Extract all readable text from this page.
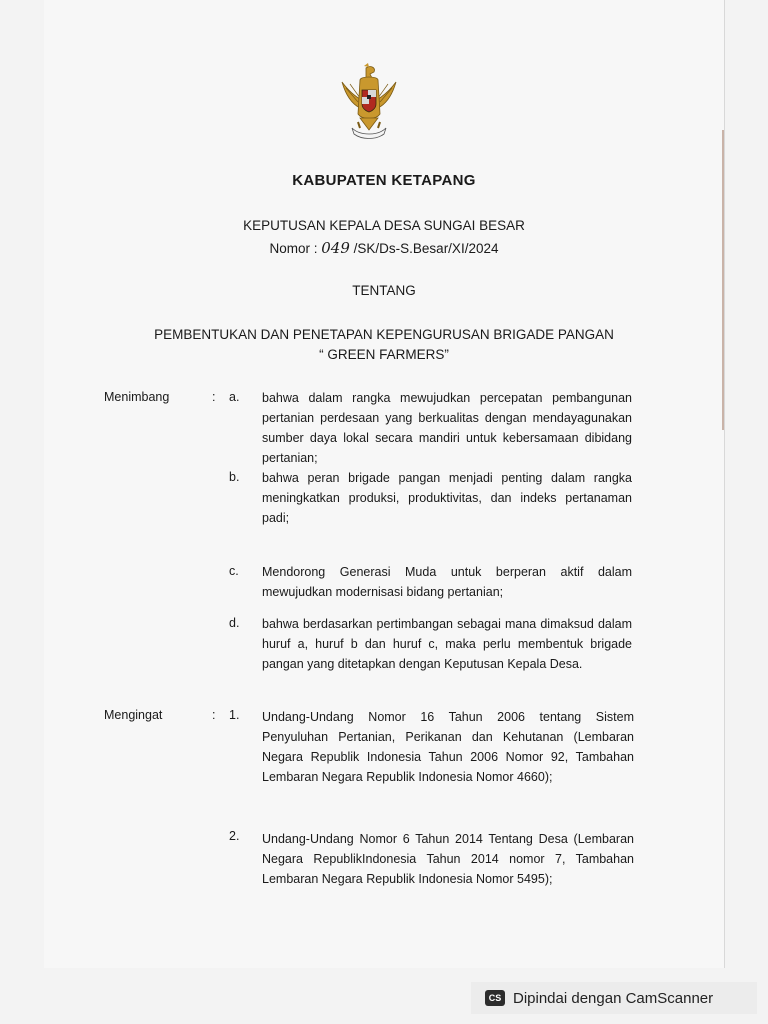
KABUPATEN KETAPANG
KEPUTUSAN KEPALA DESA SUNGAI BESAR
Nomor : 049 /SK/Ds-S.Besar/XI/2024
TENTANG
PEMBENTUKAN DAN PENETAPAN KEPENGURUSAN BRIGADE PANGAN
“ GREEN FARMERS”
Menimbang	: a. bahwa dalam rangka mewujudkan percepatan pembangunan pertanian perdesaan yang berkualitas dengan mendayagunakan sumber daya lokal secara mandiri untuk kebersamaan dibidang pertanian;
b. bahwa peran brigade pangan menjadi penting dalam rangka meningkatkan produksi, produktivitas, dan indeks pertanaman padi;
c. Mendorong Generasi Muda untuk berperan aktif dalam mewujudkan modernisasi bidang pertanian;
d. bahwa berdasarkan pertimbangan sebagai mana dimaksud dalam huruf a, huruf b dan huruf c, maka perlu membentuk brigade pangan yang ditetapkan dengan Keputusan Kepala Desa.
Mengingat	: 1. Undang-Undang Nomor 16 Tahun 2006 tentang Sistem Penyuluhan Pertanian, Perikanan dan Kehutanan (Lembaran Negara Republik Indonesia Tahun 2006 Nomor 92, Tambahan Lembaran Negara Republik Indonesia Nomor 4660);
2. Undang-Undang Nomor 6 Tahun 2014 Tentang Desa (Lembaran Negara RepublikIndonesia Tahun 2014 nomor 7, Tambahan Lembaran Negara Republik Indonesia Nomor 5495);
CS Dipindai dengan CamScanner
